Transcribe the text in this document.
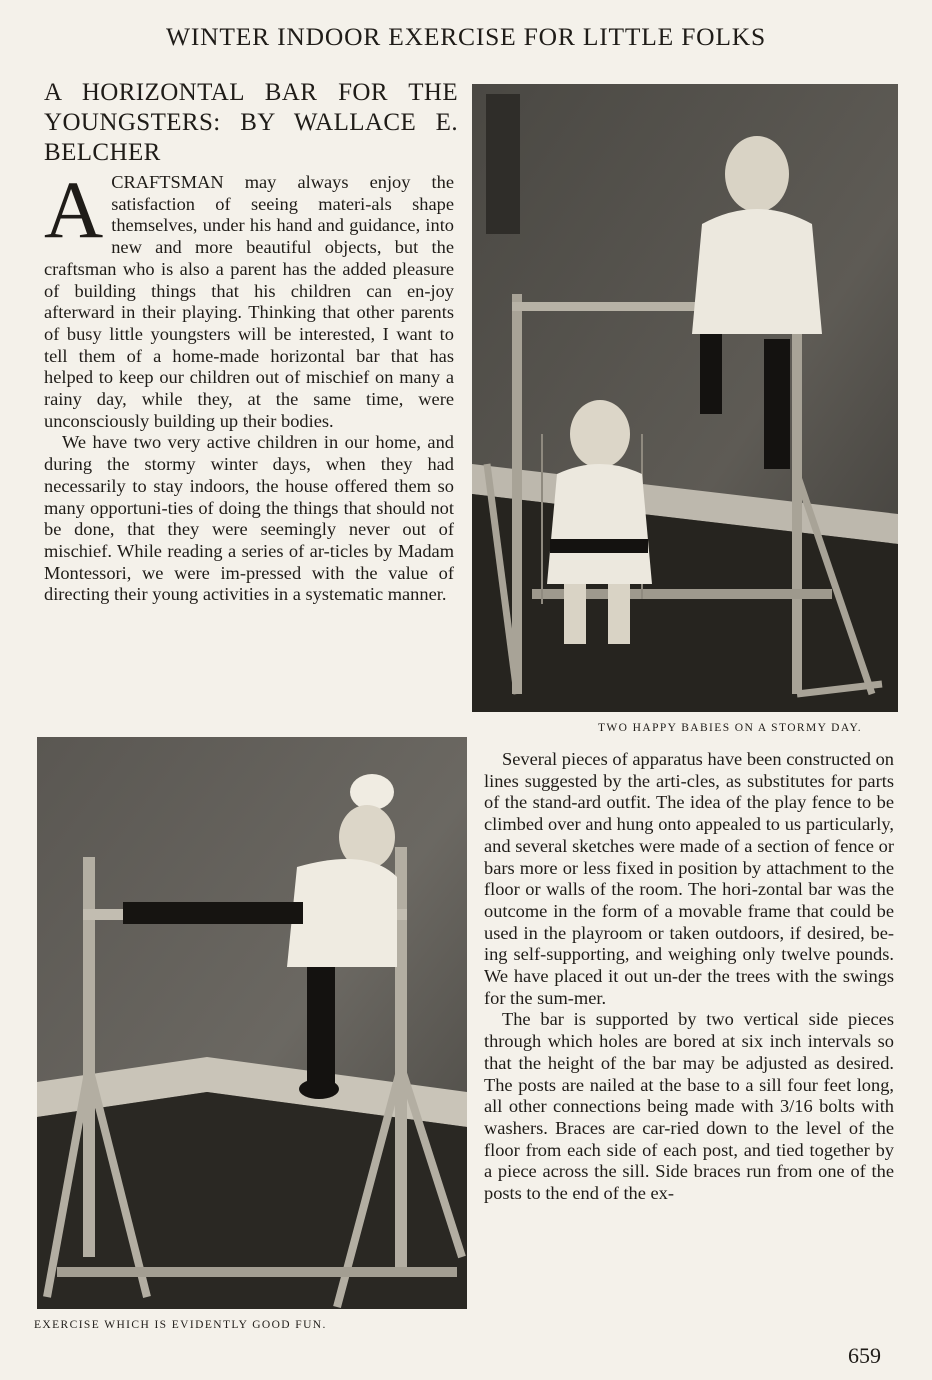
WINTER INDOOR EXERCISE FOR LITTLE FOLKS
A HORIZONTAL BAR FOR THE YOUNGSTERS: BY WALLACE E. BELCHER

ACRAFTSMAN may always enjoy the satisfaction of seeing materi-als shape themselves, under his hand and guidance, into new and more beautiful objects, but the craftsman who is also a parent has the added pleasure of building things that his children can en-joy afterward in their playing. Thinking that other parents of busy little youngsters will be interested, I want to tell them of a home-made horizontal bar that has helped to keep our children out of mischief on many a rainy day, while they, at the same time, were unconsciously building up their bodies.

We have two very active children in our home, and during the stormy winter days, when they had necessarily to stay indoors, the house offered them so many opportuni-ties of doing the things that should not be done, that they were seemingly never out of mischief. While reading a series of ar-ticles by Madam Montessori, we were im-pressed with the value of directing their young activities in a systematic manner.

TWO HAPPY BABIES ON A STORMY DAY.

EXERCISE WHICH IS EVIDENTLY GOOD FUN.

Several pieces of apparatus have been constructed on lines suggested by the arti-cles, as substitutes for parts of the stand-ard outfit. The idea of the play fence to be climbed over and hung onto appealed to us particularly, and several sketches were made of a section of fence or bars more or less fixed in position by attachment to the floor or walls of the room. The hori-zontal bar was the outcome in the form of a movable frame that could be used in the playroom or taken outdoors, if desired, be-ing self-supporting, and weighing only twelve pounds. We have placed it out un-der the trees with the swings for the sum-mer.

The bar is supported by two vertical side pieces through which holes are bored at six inch intervals so that the height of the bar may be adjusted as desired. The posts are nailed at the base to a sill four feet long, all other connections being made with 3/16 bolts with washers. Braces are car-ried down to the level of the floor from each side of each post, and tied together by a piece across the sill. Side braces run from one of the posts to the end of the ex-

659
